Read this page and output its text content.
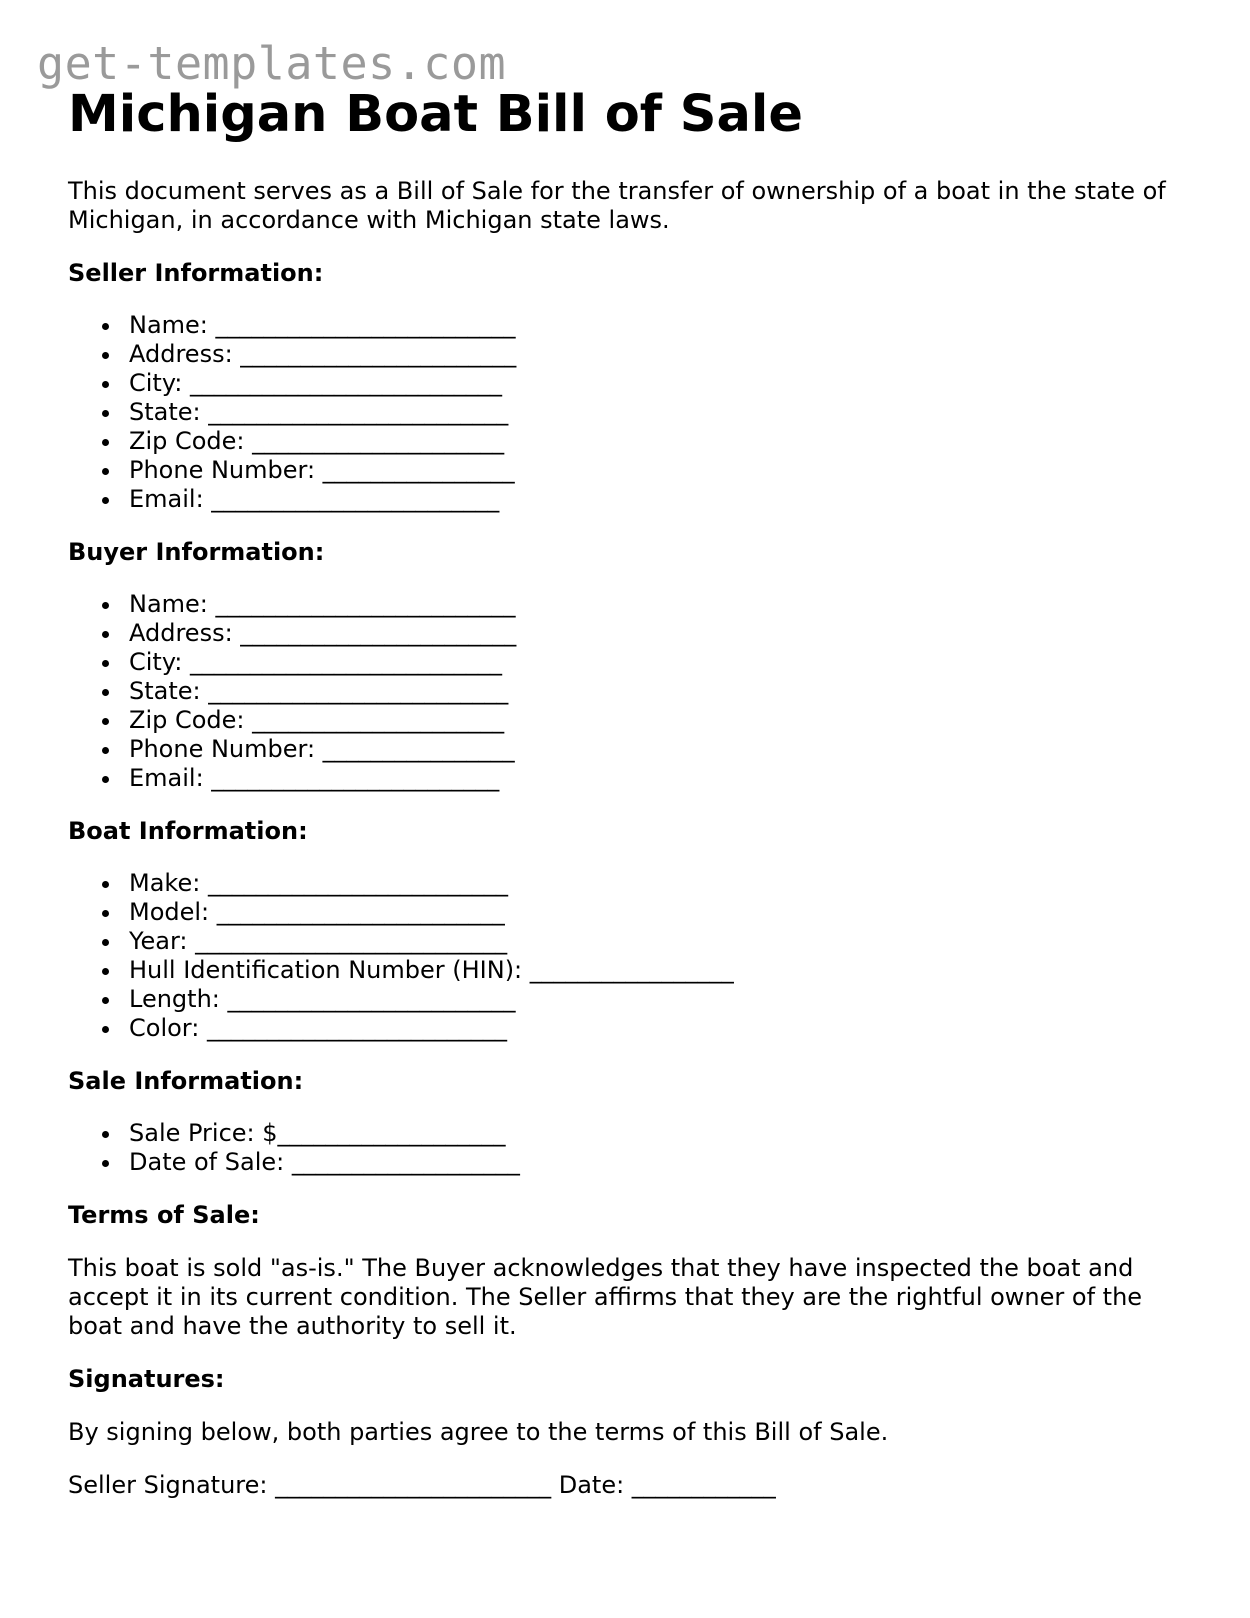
get-templates.com
Michigan Boat Bill of Sale

This document serves as a Bill of Sale for the transfer of ownership of a boat in the state of Michigan, in accordance with Michigan state laws.

Seller Information:
Name: _________________________
Address: _______________________
City: __________________________
State: _________________________
Zip Code: _____________________
Phone Number: ________________
Email: ________________________
Buyer Information:
Name: _________________________
Address: _______________________
City: __________________________
State: _________________________
Zip Code: _____________________
Phone Number: ________________
Email: ________________________
Boat Information:
Make: _________________________
Model: ________________________
Year: __________________________
Hull Identification Number (HIN): _________________
Length: ________________________
Color: _________________________
Sale Information:
Sale Price: $___________________
Date of Sale: ___________________
Terms of Sale:

This boat is sold "as-is." The Buyer acknowledges that they have inspected the boat and accept it in its current condition. The Seller affirms that they are the rightful owner of the boat and have the authority to sell it.

Signatures:

By signing below, both parties agree to the terms of this Bill of Sale.

Seller Signature: _______________________ Date: ____________
